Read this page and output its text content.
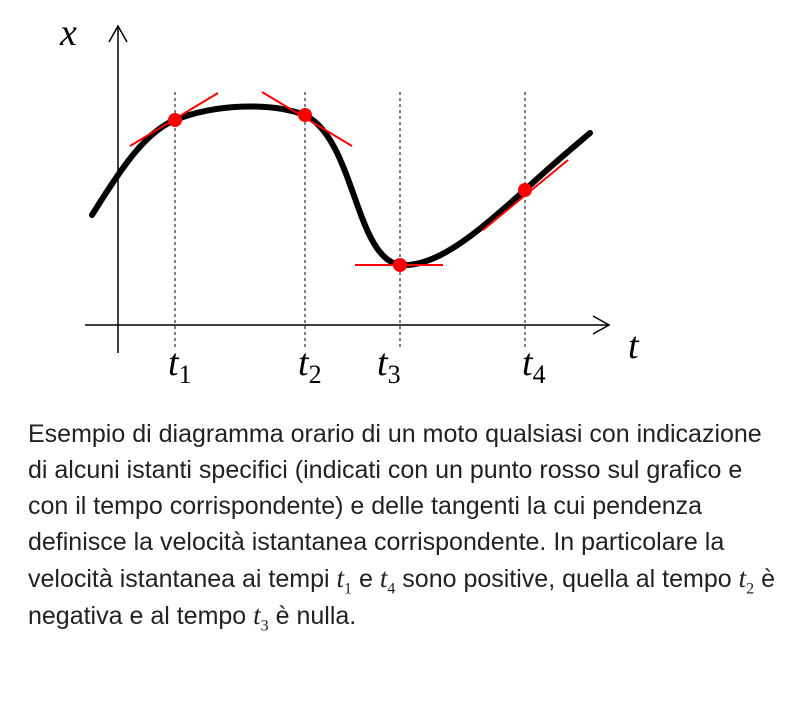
x
t
$t_1$	$t_2$ $t_3$	$t_4$

Esempio di diagramma orario di un moto qualsiasi con indicazione di alcuni istanti specifici (indicati con un punto rosso sul grafico e con il tempo corrispondente) e delle tangenti la cui pendenza definisce la velocità istantanea corrispondente. In particolare la velocità istantanea ai tempi $t_1$ e $t_4$ sono positive, quella al tempo $t_2$ è negativa e al tempo $t_3$ è nulla.
